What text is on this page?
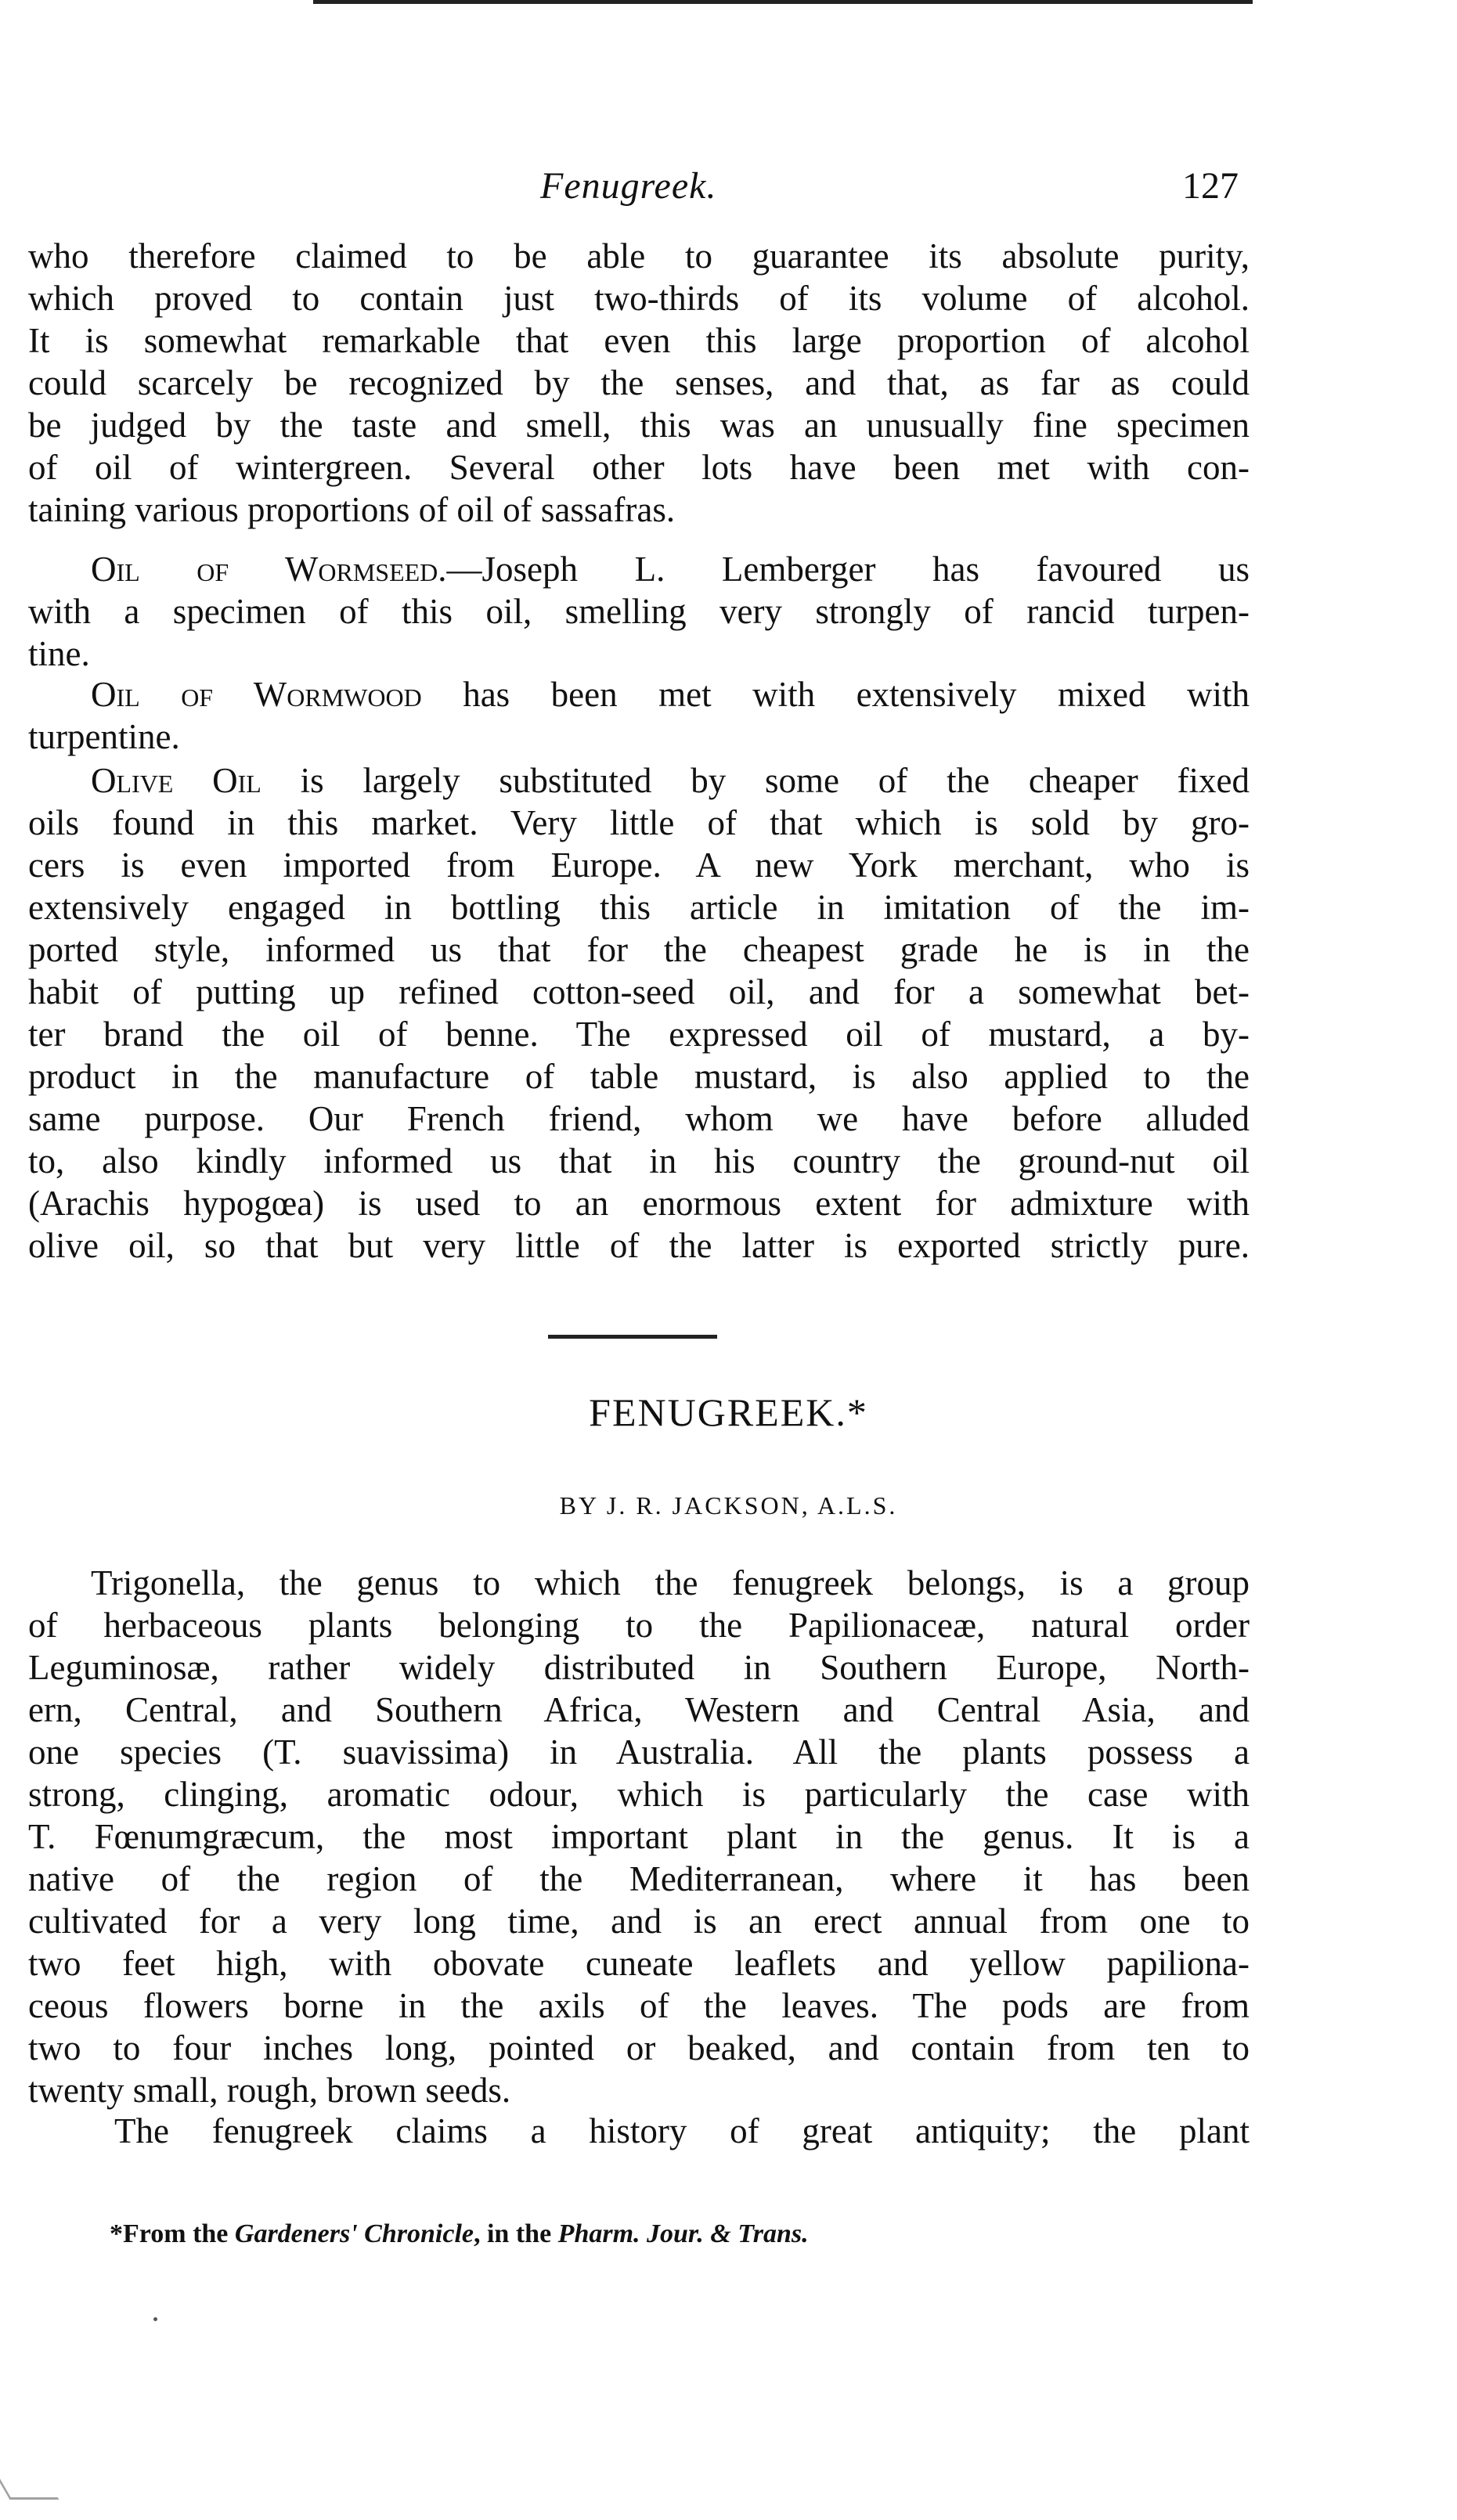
Fenugreek.	127
who therefore claimed to be able to guarantee its absolute purity,
which proved to contain just two-thirds of its volume of alcohol.
It is somewhat remarkable that even this large proportion of alcohol
could scarcely be recognized by the senses, and that, as far as could
be judged by the taste and smell, this was an unusually fine specimen
of oil of wintergreen. Several other lots have been met with con-
taining various proportions of oil of sassafras.
Oil of Wormseed.—Joseph L. Lemberger has favoured us
with a specimen of this oil, smelling very strongly of rancid turpen-
tine.
Oil of Wormwood has been met with extensively mixed with
turpentine.
Olive Oil is largely substituted by some of the cheaper fixed
oils found in this market. Very little of that which is sold by gro-
cers is even imported from Europe. A new York merchant, who is
extensively engaged in bottling this article in imitation of the im-
ported style, informed us that for the cheapest grade he is in the
habit of putting up refined cotton-seed oil, and for a somewhat bet-
ter brand the oil of benne. The expressed oil of mustard, a by-
product in the manufacture of table mustard, is also applied to the
same purpose. Our French friend, whom we have before alluded
to, also kindly informed us that in his country the ground-nut oil
(Arachis hypogœa) is used to an enormous extent for admixture with
olive oil, so that but very little of the latter is exported strictly pure.
FENUGREEK.*
BY J. R. JACKSON, A.L.S.
Trigonella, the genus to which the fenugreek belongs, is a group
of herbaceous plants belonging to the Papilionaceæ, natural order
Leguminosæ, rather widely distributed in Southern Europe, North-
ern, Central, and Southern Africa, Western and Central Asia, and
one species (T. suavissima) in Australia. All the plants possess a
strong, clinging, aromatic odour, which is particularly the case with
T. Fœnumgræcum, the most important plant in the genus. It is a
native of the region of the Mediterranean, where it has been
cultivated for a very long time, and is an erect annual from one to
two feet high, with obovate cuneate leaflets and yellow papiliona-
ceous flowers borne in the axils of the leaves. The pods are from
two to four inches long, pointed or beaked, and contain from ten to
twenty small, rough, brown seeds.
The fenugreek claims a history of great antiquity; the plant
*From the Gardeners' Chronicle, in the Pharm. Jour. & Trans.
